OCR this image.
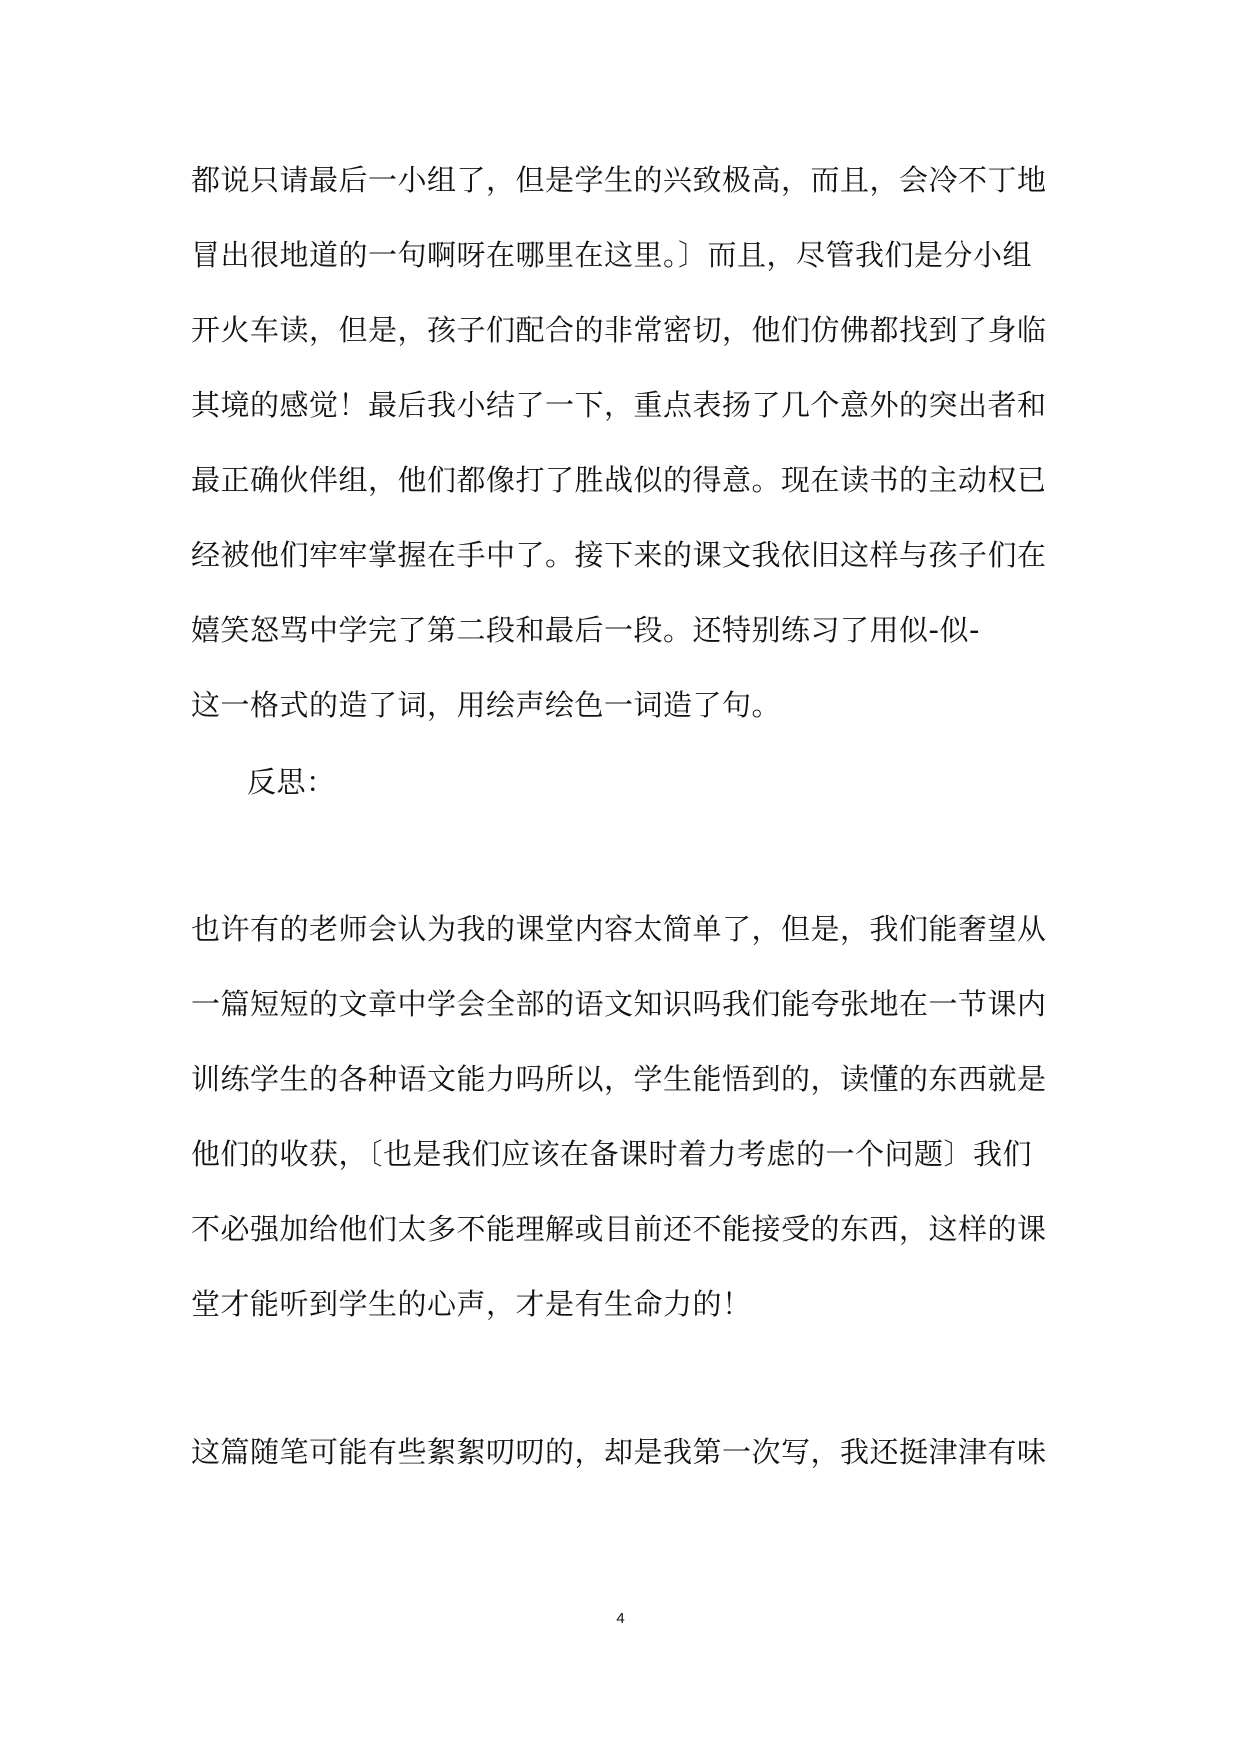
都说只请最后一小组了，但是学生的兴致极高，而且，会冷不丁地
冒出很地道的一句啊呀在哪里在这里。〕而且，尽管我们是分小组
开火车读，但是，孩子们配合的非常密切，他们仿佛都找到了身临
其境的感觉！最后我小结了一下，重点表扬了几个意外的突出者和
最正确伙伴组，他们都像打了胜战似的得意。现在读书的主动权已
经被他们牢牢掌握在手中了。接下来的课文我依旧这样与孩子们在
嬉笑怒骂中学完了第二段和最后一段。还特别练习了用似-似-
这一格式的造了词，用绘声绘色一词造了句。
反思：
也许有的老师会认为我的课堂内容太简单了，但是，我们能奢望从
一篇短短的文章中学会全部的语文知识吗我们能夸张地在一节课内
训练学生的各种语文能力吗所以，学生能悟到的，读懂的东西就是
他们的收获，〔也是我们应该在备课时着力考虑的一个问题〕我们
不必强加给他们太多不能理解或目前还不能接受的东西，这样的课
堂才能听到学生的心声，才是有生命力的！
这篇随笔可能有些絮絮叨叨的，却是我第一次写，我还挺津津有味
4
